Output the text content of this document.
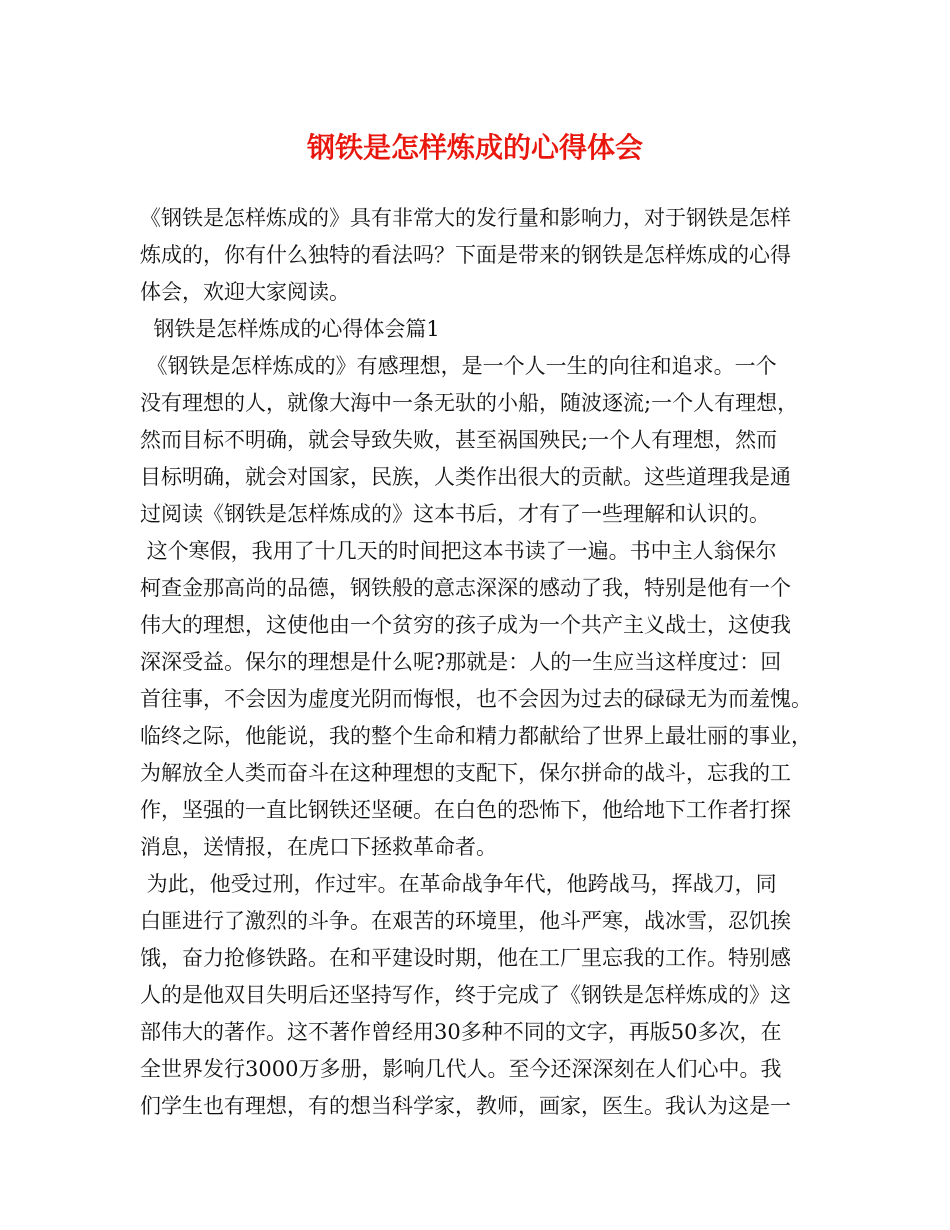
钢铁是怎样炼成的心得体会
《钢铁是怎样炼成的》具有非常大的发行量和影响力，对于钢铁是怎样
炼成的，你有什么独特的看法吗？下面是带来的钢铁是怎样炼成的心得
体会，欢迎大家阅读。
钢铁是怎样炼成的心得体会篇1
《钢铁是怎样炼成的》有感理想，是一个人一生的向往和追求。一个
没有理想的人，就像大海中一条无驮的小船，随波逐流;一个人有理想，
然而目标不明确，就会导致失败，甚至祸国殃民;一个人有理想，然而
目标明确，就会对国家，民族，人类作出很大的贡献。这些道理我是通
过阅读《钢铁是怎样炼成的》这本书后，才有了一些理解和认识的。
这个寒假，我用了十几天的时间把这本书读了一遍。书中主人翁保尔
柯查金那高尚的品德，钢铁般的意志深深的感动了我，特别是他有一个
伟大的理想，这使他由一个贫穷的孩子成为一个共产主义战士，这使我
深深受益。保尔的理想是什么呢?那就是：人的一生应当这样度过：回
首往事，不会因为虚度光阴而悔恨，也不会因为过去的碌碌无为而羞愧。
临终之际，他能说，我的整个生命和精力都献给了世界上最壮丽的事业，
为解放全人类而奋斗在这种理想的支配下，保尔拼命的战斗，忘我的工
作，坚强的一直比钢铁还坚硬。在白色的恐怖下，他给地下工作者打探
消息，送情报，在虎口下拯救革命者。
为此，他受过刑，作过牢。在革命战争年代，他跨战马，挥战刀，同
白匪进行了激烈的斗争。在艰苦的环境里，他斗严寒，战冰雪，忍饥挨
饿，奋力抢修铁路。在和平建设时期，他在工厂里忘我的工作。特别感
人的是他双目失明后还坚持写作，终于完成了《钢铁是怎样炼成的》这
部伟大的著作。这不著作曾经用30多种不同的文字，再版50多次，在
全世界发行3000万多册，影响几代人。至今还深深刻在人们心中。我
们学生也有理想，有的想当科学家，教师，画家，医生。我认为这是一
